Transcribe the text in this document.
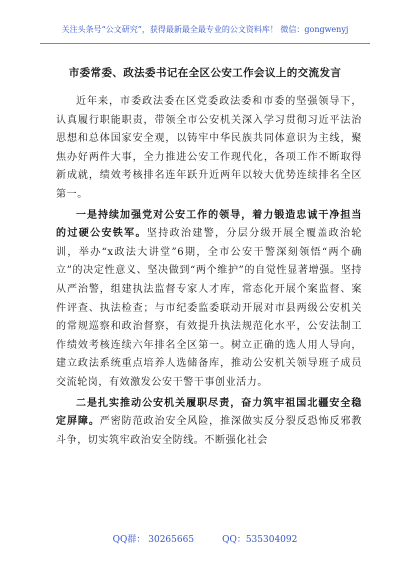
关注头条号“公文研究”，获得最新最全最专业的公文资料库！ 微信：gongwenyj
市委常委、政法委书记在全区公安工作会议上的交流发言

近年来，市委政法委在区党委政法委和市委的坚强领导下，认真履行职能职责，带领全市公安机关深入学习贯彻习近平法治思想和总体国家安全观，以铸牢中华民族共同体意识为主线，聚焦办好两件大事，全力推进公安工作现代化，各项工作不断取得新成就，绩效考核排名连年跃升近两年以较大优势连续排名全区第一。

一是持续加强党对公安工作的领导，着力锻造忠诚干净担当的过硬公安铁军。坚持政治建警，分层分级开展全覆盖政治轮训，举办“x政法大讲堂”6期，全市公安干警深刻领悟“两个确立”的决定性意义、坚决做到“两个维护”的自觉性显著增强。坚持从严治警，组建执法监督专家人才库，常态化开展个案监督、案件评查、执法检查；与市纪委监委联动开展对市县两级公安机关的常规巡察和政治督察，有效提升执法规范化水平，公安法制工作绩效考核连续六年排名全区第一。树立正确的选人用人导向，建立政法系统重点培养人选储备库，推动公安机关领导班子成员交流轮岗，有效激发公安干警干事创业活力。

二是扎实推动公安机关履职尽责，奋力筑牢祖国北疆安全稳定屏障。严密防范政治安全风险，推深做实反分裂反恐怖反邪教斗争，切实筑牢政治安全防线。不断强化社会

QQ群： 30265665	QQ：535304092
